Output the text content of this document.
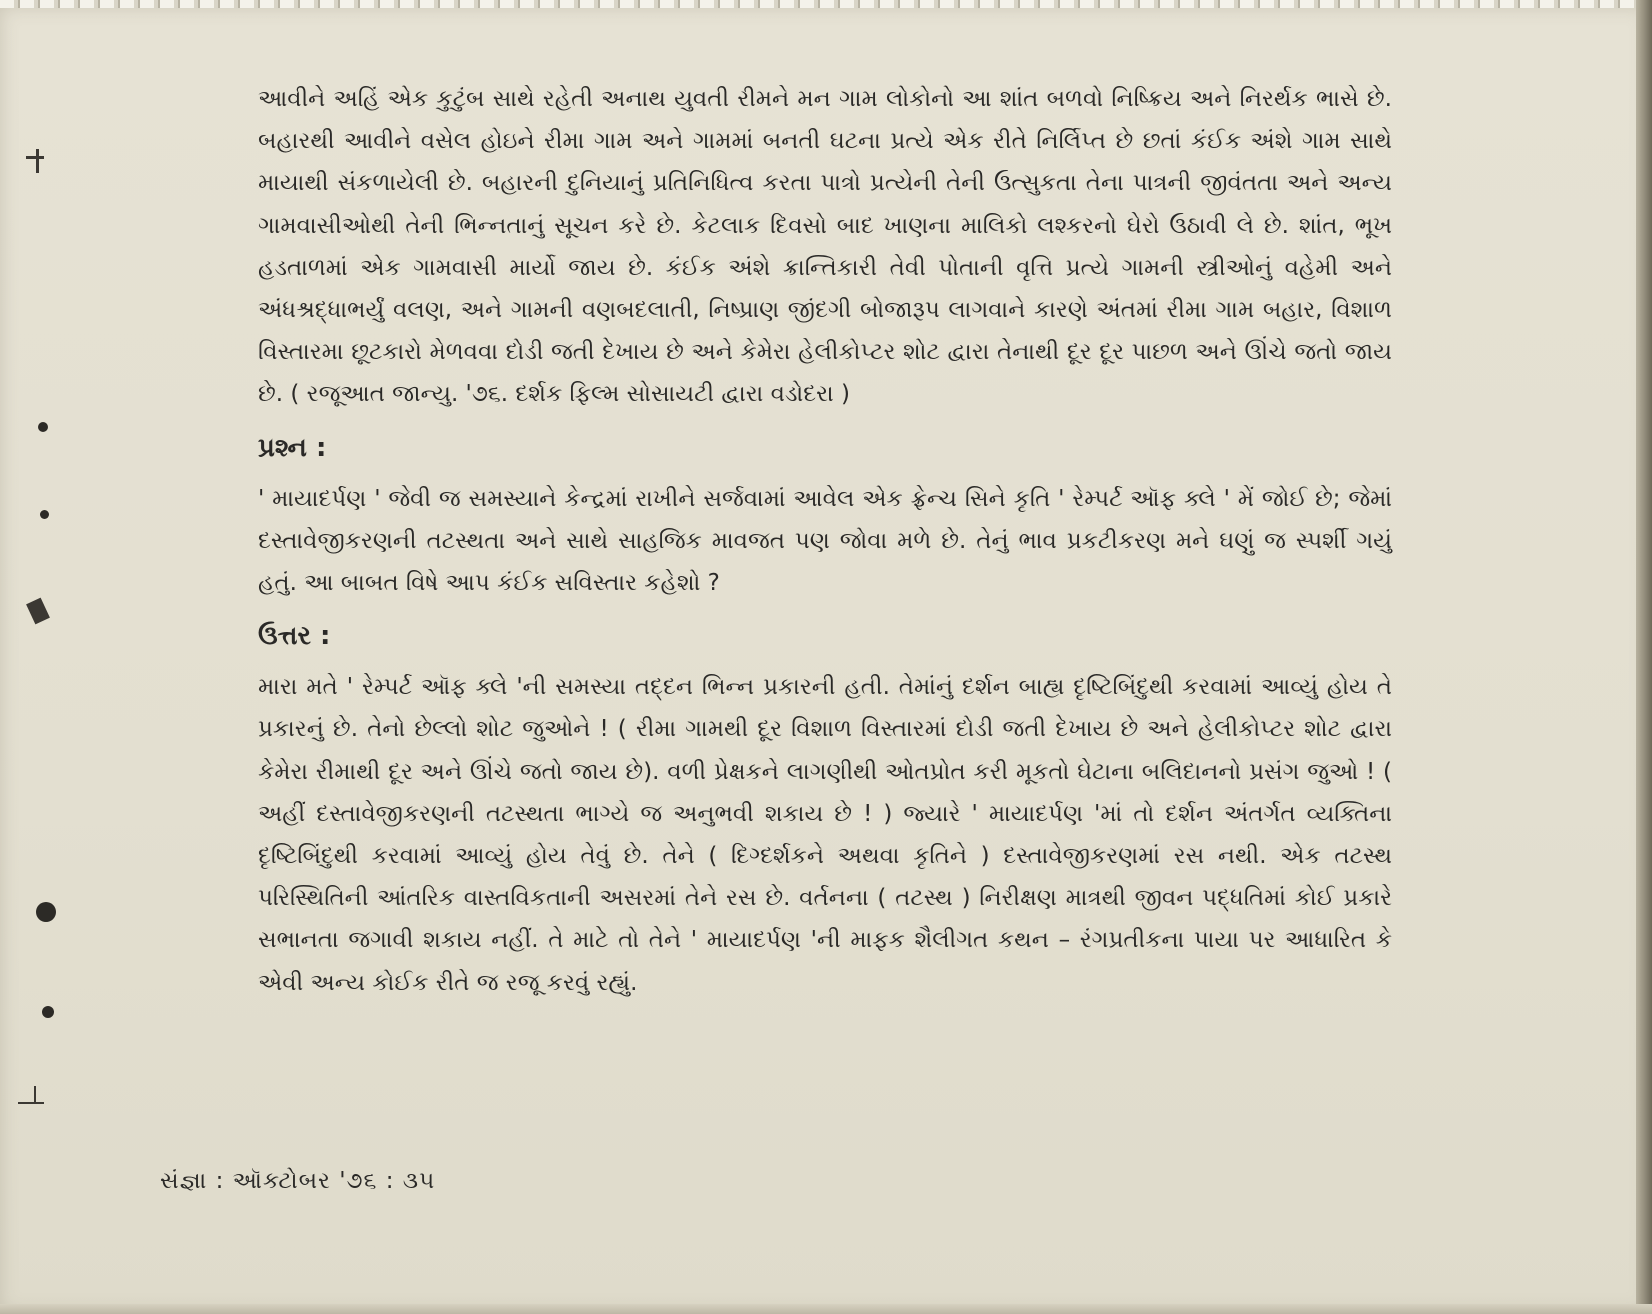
આવીને અહિં એક કુટુંબ સાથે રહેતી અનાથ યુવતી રીમને મન ગામ લોકોનો આ શાંત બળવો નિષ્ક્રિય અને નિરર્થક ભાસે છે. બહારથી આવીને વસેલ હોઇને રીમા ગામ અને ગામમાં બનતી ઘટના પ્રત્યે એક રીતે નિર્લિપ્ત છે છતાં કંઈક અંશે ગામ સાથે માયાથી સંકળાયેલી છે. બહારની દુનિયાનું પ્રતિનિધિત્વ કરતા પાત્રો પ્રત્યેની તેની ઉત્સુકતા તેના પાત્રની જીવંતતા અને અન્ય ગામવાસીઓથી તેની ભિન્નતાનું સૂચન કરે છે. કેટલાક દિવસો બાદ ખાણના માલિકો લશ્કરનો ઘેરો ઉઠાવી લે છે. શાંત, ભૂખ હડતાળમાં એક ગામવાસી માર્યો જાય છે. કંઈક અંશે ક્રાન્તિકારી તેવી પોતાની વૃત્તિ પ્રત્યે ગામની સ્ત્રીઓનું વહેમી અને અંધશ્રદ્ધાભર્યું વલણ, અને ગામની વણબદલાતી, નિષ્પ્રાણ જીંદગી બોજારૂપ લાગવાને કારણે અંતમાં રીમા ગામ બહાર, વિશાળ વિસ્તારમા છૂટકારો મેળવવા દોડી જતી દેખાય છે અને કેમેરા હેલીકોપ્ટર શોટ દ્વારા તેનાથી દૂર દૂર પાછળ અને ઊંચે જતો જાય છે. ( રજૂઆત જાન્યુ. '૭૬. દર્શક ફિલ્મ સોસાયટી દ્વારા વડોદરા )

પ્રશ્ન :

' માયાદર્પણ ' જેવી જ સમસ્યાને કેન્દ્રમાં રાખીને સર્જવામાં આવેલ એક ફ્રેન્ચ સિને કૃતિ ' રેમ્પર્ટ ઑફ ક્લે ' મેં જોઈ છે; જેમાં દસ્તાવેજીકરણની તટસ્થતા અને સાથે સાહજિક માવજત પણ જોવા મળે છે. તેનું ભાવ પ્રકટીકરણ મને ઘણું જ સ્પર્શી ગયું હતું. આ બાબત વિષે આપ કંઈક સવિસ્તાર કહેશો ?

ઉત્તર :

મારા મતે ' રેમ્પર્ટ ઑફ ક્લે 'ની સમસ્યા તદ્દન ભિન્ન પ્રકારની હતી. તેમાંનું દર્શન બાહ્ય દૃષ્ટિબિંદુથી કરવામાં આવ્યું હોય તે પ્રકારનું છે. તેનો છેલ્લો શોટ જુઓને ! ( રીમા ગામથી દૂર વિશાળ વિસ્તારમાં દોડી જતી દેખાય છે અને હેલીકોપ્ટર શોટ દ્વારા કેમેરા રીમાથી દૂર અને ઊંચે જતો જાય છે). વળી પ્રેક્ષકને લાગણીથી ઓતપ્રોત કરી મૂકતો ઘેટાના બલિદાનનો પ્રસંગ જુઓ ! ( અહીં દસ્તાવેજીકરણની તટસ્થતા ભાગ્યે જ અનુભવી શકાય છે ! ) જ્યારે ' માયાદર્પણ 'માં તો દર્શન અંતર્ગત વ્યક્તિના દૃષ્ટિબિંદુથી કરવામાં આવ્યું હોય તેવું છે. તેને ( દિગ્દર્શકને અથવા કૃતિને ) દસ્તાવેજીકરણમાં રસ નથી. એક તટસ્થ પરિસ્થિતિની આંતરિક વાસ્તવિકતાની અસરમાં તેને રસ છે. વર્તનના ( તટસ્થ ) નિરીક્ષણ માત્રથી જીવન પદ્ધતિમાં કોઈ પ્રકારે સભાનતા જગાવી શકાય નહીં. તે માટે તો તેને ' માયાદર્પણ 'ની માફક શૈલીગત કથન – રંગપ્રતીકના પાયા પર આધારિત કે એવી અન્ય કોઈક રીતે જ રજૂ કરવું રહ્યું.

સંજ્ઞા : ઑક્ટોબર '૭૬ : ૩૫
